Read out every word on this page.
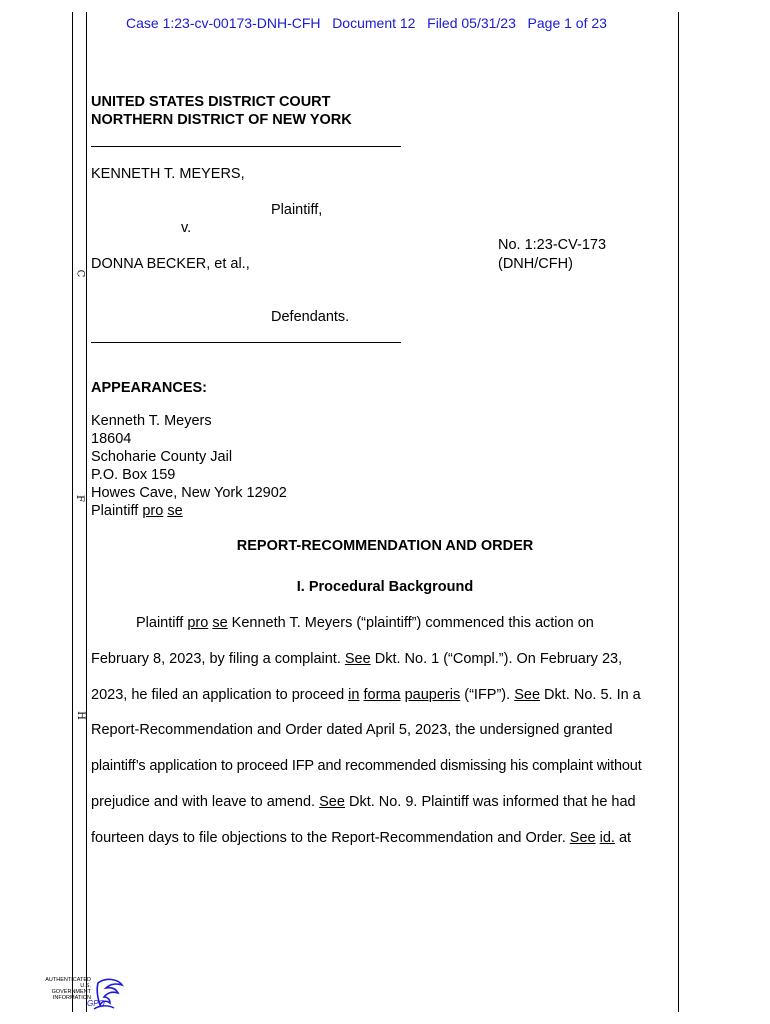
C
F
H
Case 1:23-cv-00173-DNH-CFH Document 12 Filed 05/31/23 Page 1 of 23
UNITED STATES DISTRICT COURT
NORTHERN DISTRICT OF NEW YORK
KENNETH T. MEYERS,
Plaintiff,
v.
No. 1:23-CV-173
DONNA BECKER, et al.,	(DNH/CFH)
Defendants.
APPEARANCES:
Kenneth T. Meyers
18604
Schoharie County Jail
P.O. Box 159
Howes Cave, New York 12902
Plaintiff pro se
REPORT-RECOMMENDATION AND ORDER
I. Procedural Background
Plaintiff pro se Kenneth T. Meyers (“plaintiff”) commenced this action on
February 8, 2023, by filing a complaint. See Dkt. No. 1 (“Compl.”). On February 23,
2023, he filed an application to proceed in forma pauperis (“IFP”). See Dkt. No. 5. In a
Report-Recommendation and Order dated April 5, 2023, the undersigned granted
plaintiff’s application to proceed IFP and recommended dismissing his complaint without
prejudice and with leave to amend. See Dkt. No. 9. Plaintiff was informed that he had
fourteen days to file objections to the Report-Recommendation and Order. See id. at
AUTHENTICATED
U.S. GOVERNMENT
INFORMATION
GPO
